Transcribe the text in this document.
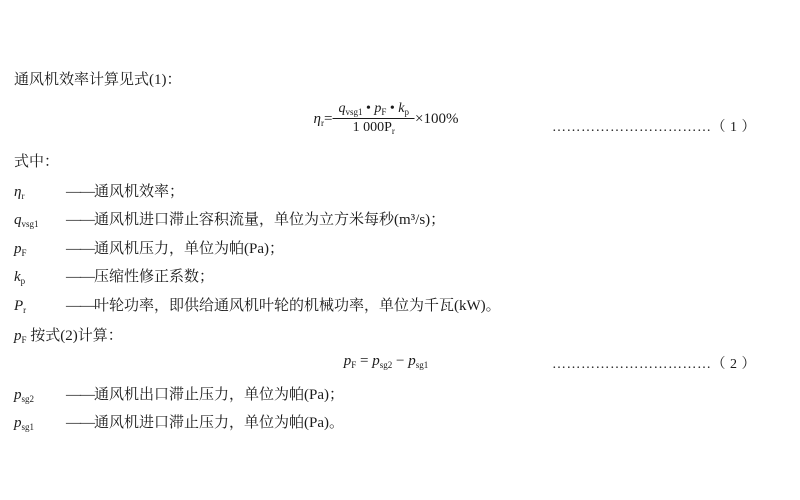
通风机效率计算见式(1)：
$\eta_r= \frac{q_{vsg1} • p_F • k_p}{1 000P_r} \times 100\%$
……………………………（ 1 ）
式中：
$\eta_r$	——通风机效率；
$q_{vsg1}$ ——通风机进口滞止容积流量，单位为立方米每秒(m³/s)；
$p_F$	——通风机压力，单位为帕(Pa)；
$k_p$	——压缩性修正系数；
$P_r$	——叶轮功率，即供给通风机叶轮的机械功率，单位为千瓦(kW)。
$p_F$ 按式(2)计算：
$p_F = p_{sg2} - p_{sg1}$	……………………………（ 2 ）
$p_{sg2}$ ——通风机出口滞止压力，单位为帕(Pa)；
$p_{sg1}$ ——通风机进口滞止压力，单位为帕(Pa)。
